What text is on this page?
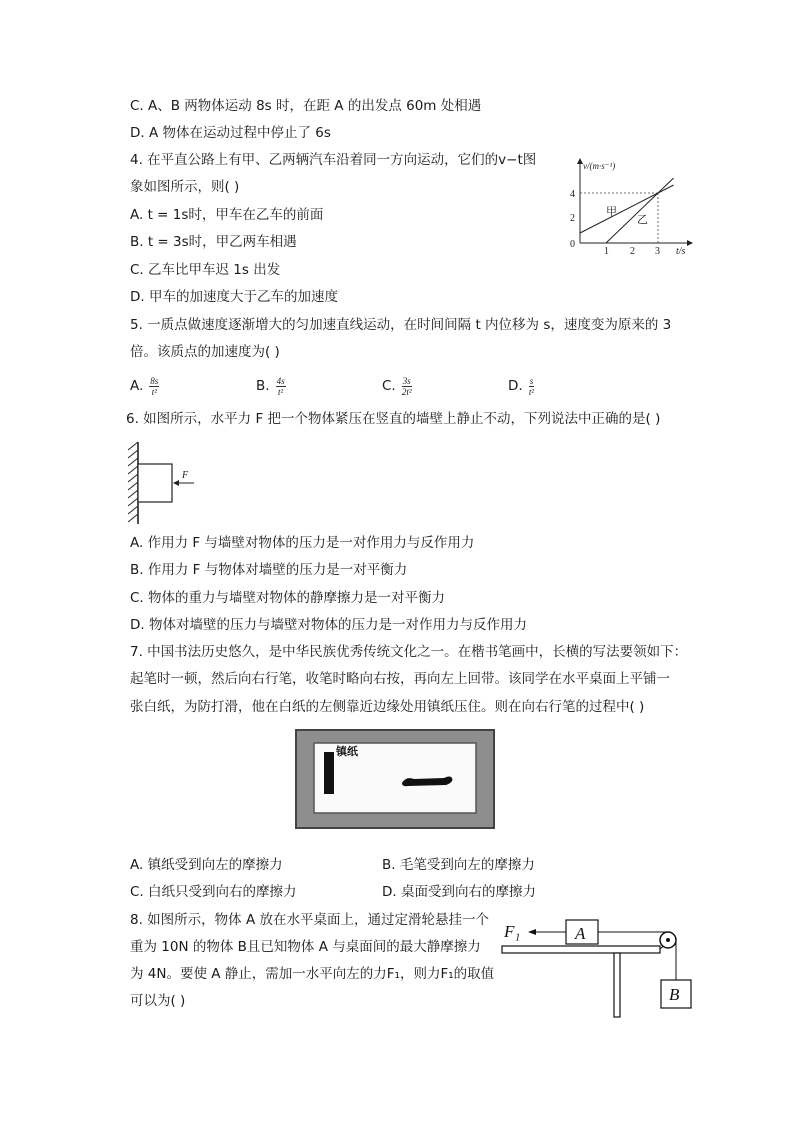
C. A、B 两物体运动 8s 时，在距 A 的出发点 60m 处相遇
D. A 物体在运动过程中停止了 6s
4. 在平直公路上有甲、乙两辆汽车沿着同一方向运动，它们的v−t图
象如图所示，则( )
A. t = 1s时，甲车在乙车的前面
B. t = 3s时，甲乙两车相遇
C. 乙车比甲车迟 1s 出发
D. 甲车的加速度大于乙车的加速度
v/(m·s⁻¹)
t/s
0
1 2 3
2
4
甲
乙
5. 一质点做速度逐渐增大的匀加速直线运动，在时间间隔 t 内位移为 s，速度变为原来的 3
倍。该质点的加速度为( )
A. $\frac{8s}{\text{t²}}$	B. $\frac{4s}{\text{t²}}$	C. $\frac{3s}{\text{2t²}}$	D. $\frac{s}{\text{t²}}$
6. 如图所示，水平力 F 把一个物体紧压在竖直的墙壁上静止不动，下列说法中正确的是( )
F
A. 作用力 F 与墙壁对物体的压力是一对作用力与反作用力
B. 作用力 F 与物体对墙壁的压力是一对平衡力
C. 物体的重力与墙壁对物体的静摩擦力是一对平衡力
D. 物体对墙壁的压力与墙壁对物体的压力是一对作用力与反作用力
7. 中国书法历史悠久，是中华民族优秀传统文化之一。在楷书笔画中，长横的写法要领如下：
起笔时一顿，然后向右行笔，收笔时略向右按，再向左上回带。该同学在水平桌面上平铺一
张白纸，为防打滑，他在白纸的左侧靠近边缘处用镇纸压住。则在向右行笔的过程中( )
镇纸
A. 镇纸受到向左的摩擦力	B. 毛笔受到向左的摩擦力
C. 白纸只受到向右的摩擦力	D. 桌面受到向右的摩擦力
8. 如图所示，物体 A 放在水平桌面上，通过定滑轮悬挂一个
重为 10N 的物体 B且已知物体 A 与桌面间的最大静摩擦力
为 4N。要使 A 静止，需加一水平向左的力F₁，则力F₁的取值
可以为( )
F₁	A
B
